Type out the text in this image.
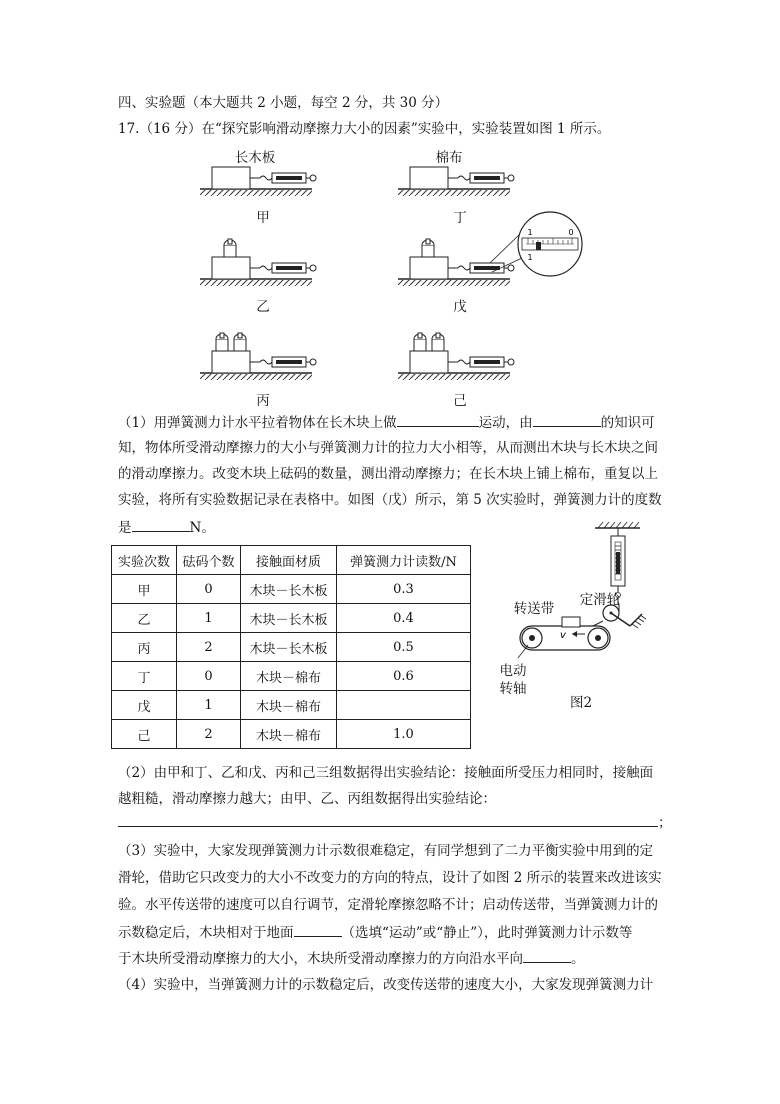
四、实验题（本大题共 2 小题，每空 2 分，共 30 分）
17.（16 分）在“探究影响滑动摩擦力大小的因素”实验中，实验装置如图 1 所示。
1	0
1
长木板	棉布
甲	丁
乙	戊
丙	己
（1）用弹簧测力计水平拉着物体在长木块上做	运动，由	的知识可
知，物体所受滑动摩擦力的大小与弹簧测力计的拉力大小相等，从而测出木块与长木块之间
的滑动摩擦力。改变木块上砝码的数量，测出滑动摩擦力；在长木块上铺上棉布，重复以上
实验，将所有实验数据记录在表格中。如图（戊）所示，第 5 次实验时，弹簧测力计的度数
是	N。
实验次数	砝码个数	接触面材质	弹簧测力计读数/N
甲	0	木块－长木板	0.3
乙	1	木块－长木板	0.4
丙	2	木块－长木板	0.5
丁	0	木块－棉布	0.6
戊	1	木块－棉布	
己	2	木块－棉布	1.0
v
定滑轮
转送带
电动
转轴
图2
（2）由甲和丁、乙和戊、丙和己三组数据得出实验结论：接触面所受压力相同时，接触面
越粗糙，滑动摩擦力越大；由甲、乙、丙组数据得出实验结论：
；
（3）实验中，大家发现弹簧测力计示数很难稳定，有同学想到了二力平衡实验中用到的定
滑轮，借助它只改变力的大小不改变力的方向的特点，设计了如图 2 所示的装置来改进该实
验。水平传送带的速度可以自行调节，定滑轮摩擦忽略不计；启动传送带，当弹簧测力计的
示数稳定后，木块相对于地面	（选填“运动”或“静止”），此时弹簧测力计示数等
于木块所受滑动摩擦力的大小，木块所受滑动摩擦力的方向沿水平向	。
（4）实验中，当弹簧测力计的示数稳定后，改变传送带的速度大小，大家发现弹簧测力计
